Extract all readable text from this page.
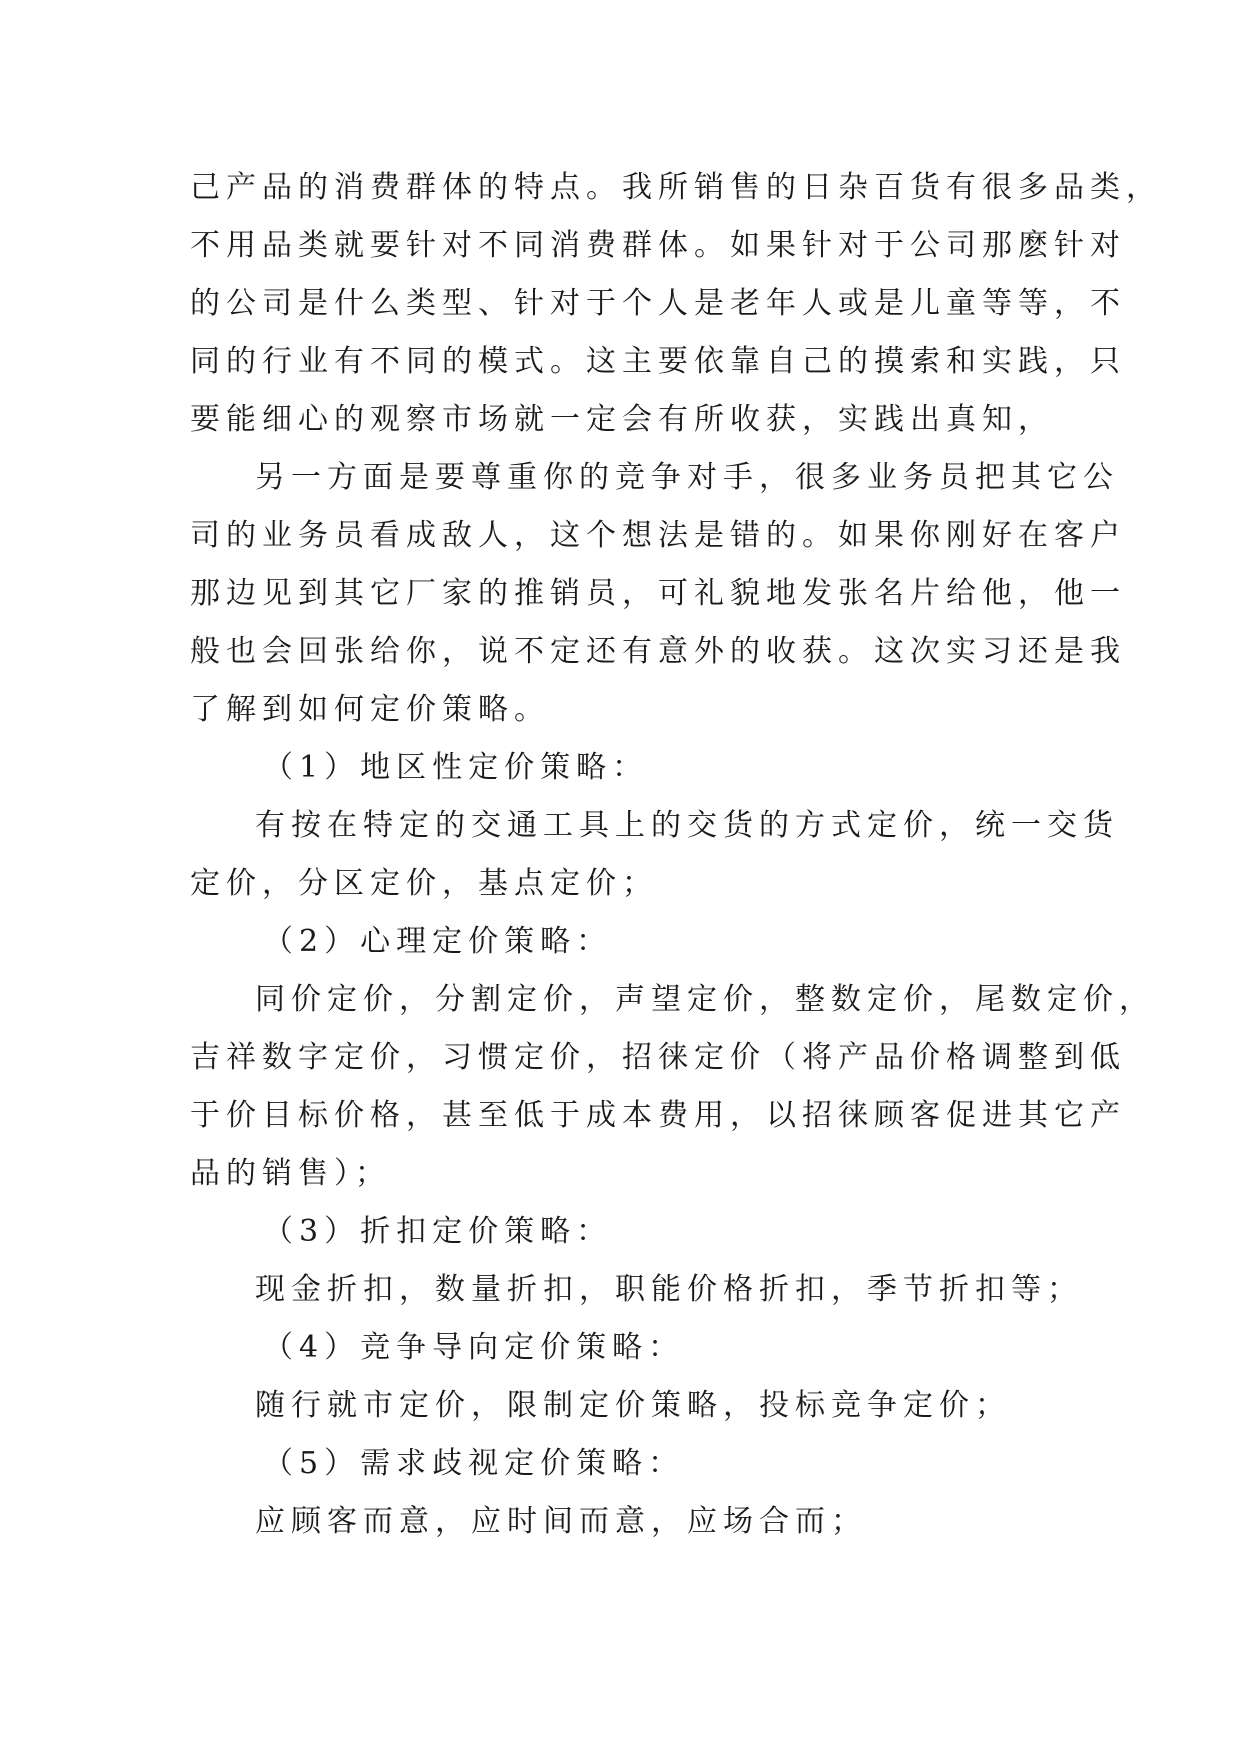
己产品的消费群体的特点。我所销售的日杂百货有很多品类，
不用品类就要针对不同消费群体。如果针对于公司那麽针对
的公司是什么类型、针对于个人是老年人或是儿童等等，不
同的行业有不同的模式。这主要依靠自己的摸索和实践，只
要能细心的观察市场就一定会有所收获，实践出真知，
另一方面是要尊重你的竞争对手，很多业务员把其它公
司的业务员看成敌人，这个想法是错的。如果你刚好在客户
那边见到其它厂家的推销员，可礼貌地发张名片给他，他一
般也会回张给你，说不定还有意外的收获。这次实习还是我
了解到如何定价策略。
（1）地区性定价策略：
有按在特定的交通工具上的交货的方式定价，统一交货
定价，分区定价，基点定价；
（2）心理定价策略：
同价定价，分割定价，声望定价，整数定价，尾数定价，
吉祥数字定价，习惯定价，招徕定价（将产品价格调整到低
于价目标价格，甚至低于成本费用，以招徕顾客促进其它产
品的销售）；
（3）折扣定价策略：
现金折扣，数量折扣，职能价格折扣，季节折扣等；
（4）竞争导向定价策略：
随行就市定价，限制定价策略，投标竞争定价；
（5）需求歧视定价策略：
应顾客而意，应时间而意，应场合而；
